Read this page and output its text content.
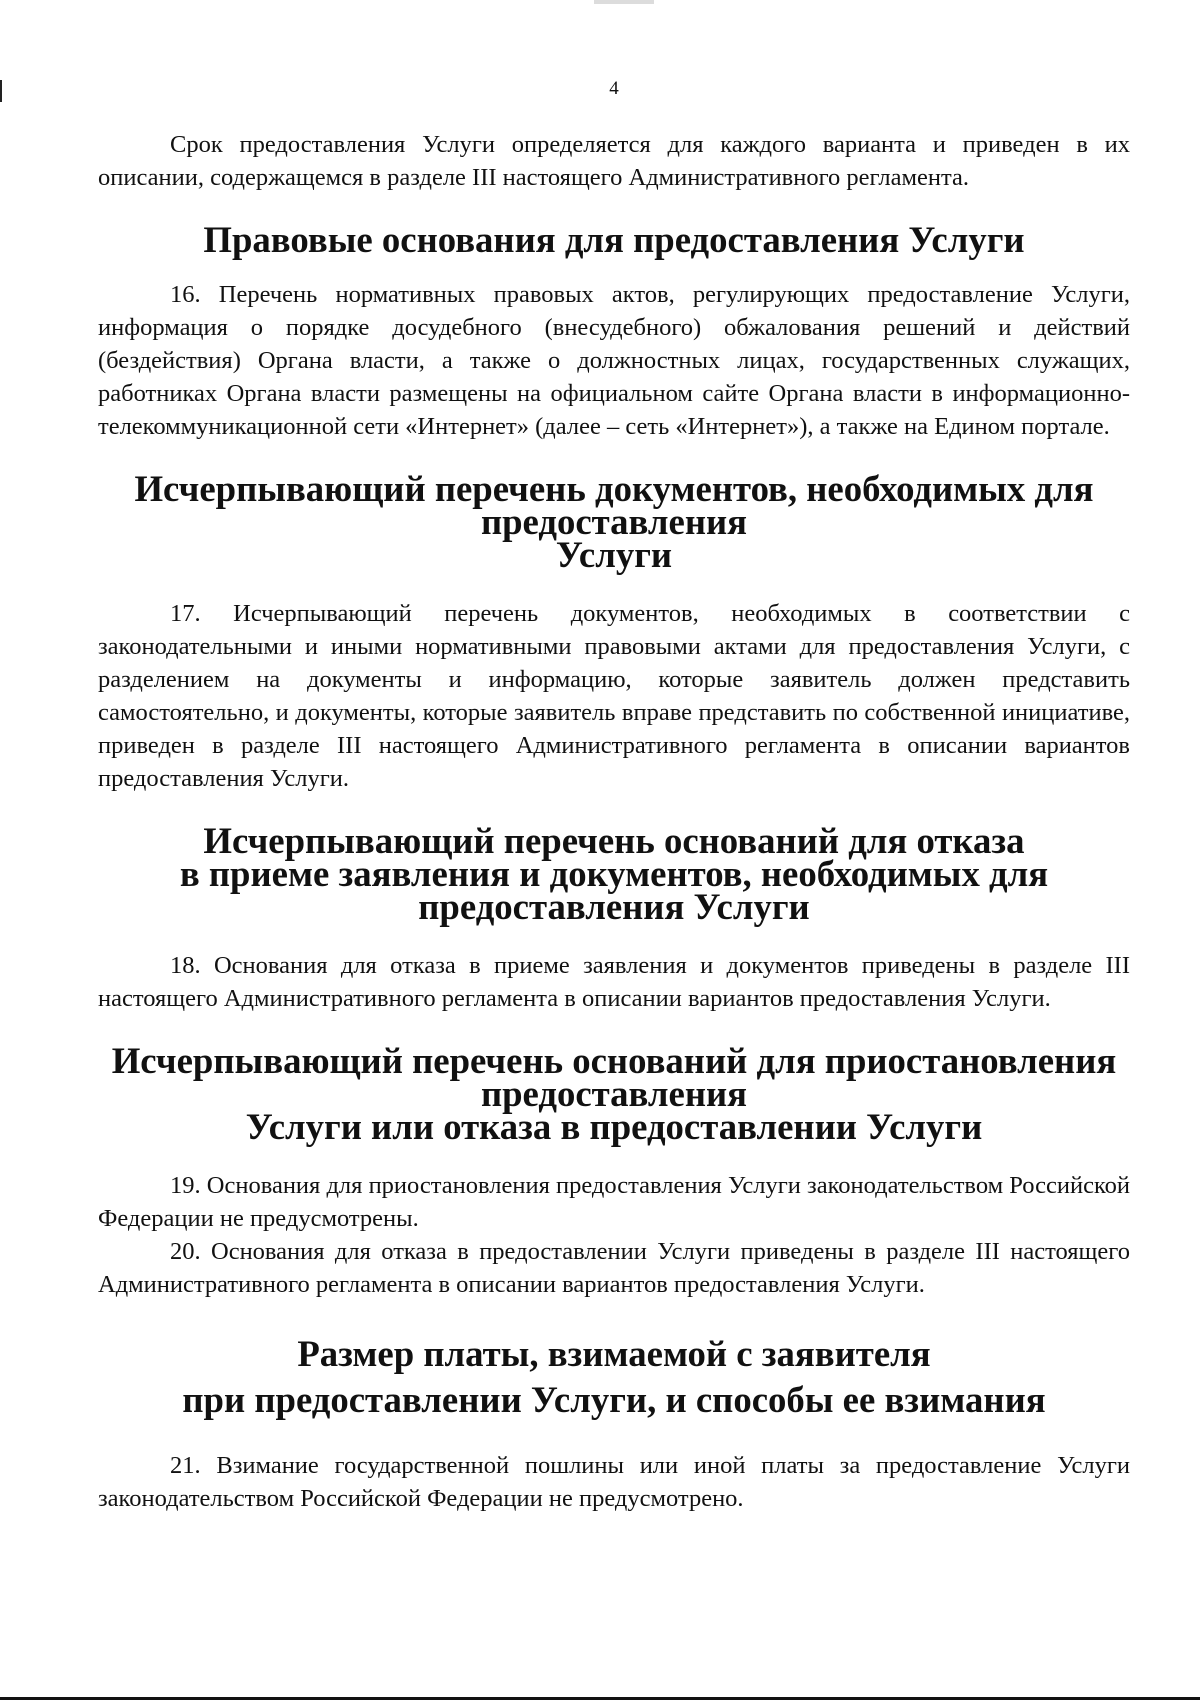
4

Срок предоставления Услуги определяется для каждого варианта и приведен в их описании, содержащемся в разделе III настоящего Административного регламента.

Правовые основания для предоставления Услуги

16. Перечень нормативных правовых актов, регулирующих предоставление Услуги, информация о порядке досудебного (внесудебного) обжалования решений и действий (бездействия) Органа власти, а также о должностных лицах, государственных служащих, работниках Органа власти размещены на официальном сайте Органа власти в информационно-телекоммуникационной сети «Интернет» (далее – сеть «Интернет»), а также на Едином портале.

Исчерпывающий перечень документов, необходимых для предоставления
Услуги

17. Исчерпывающий перечень документов, необходимых в соответствии с законодательными и иными нормативными правовыми актами для предоставления Услуги, с разделением на документы и информацию, которые заявитель должен представить самостоятельно, и документы, которые заявитель вправе представить по собственной инициативе, приведен в разделе III настоящего Административного регламента в описании вариантов предоставления Услуги.

Исчерпывающий перечень оснований для отказа
в приеме заявления и документов, необходимых для предоставления Услуги

18. Основания для отказа в приеме заявления и документов приведены в разделе III настоящего Административного регламента в описании вариантов предоставления Услуги.

Исчерпывающий перечень оснований для приостановления предоставления
Услуги или отказа в предоставлении Услуги

19. Основания для приостановления предоставления Услуги законодательством Российской Федерации не предусмотрены.

20. Основания для отказа в предоставлении Услуги приведены в разделе III настоящего Административного регламента в описании вариантов предоставления Услуги.

Размер платы, взимаемой с заявителя
при предоставлении Услуги, и способы ее взимания

21. Взимание государственной пошлины или иной платы за предоставление Услуги законодательством Российской Федерации не предусмотрено.
